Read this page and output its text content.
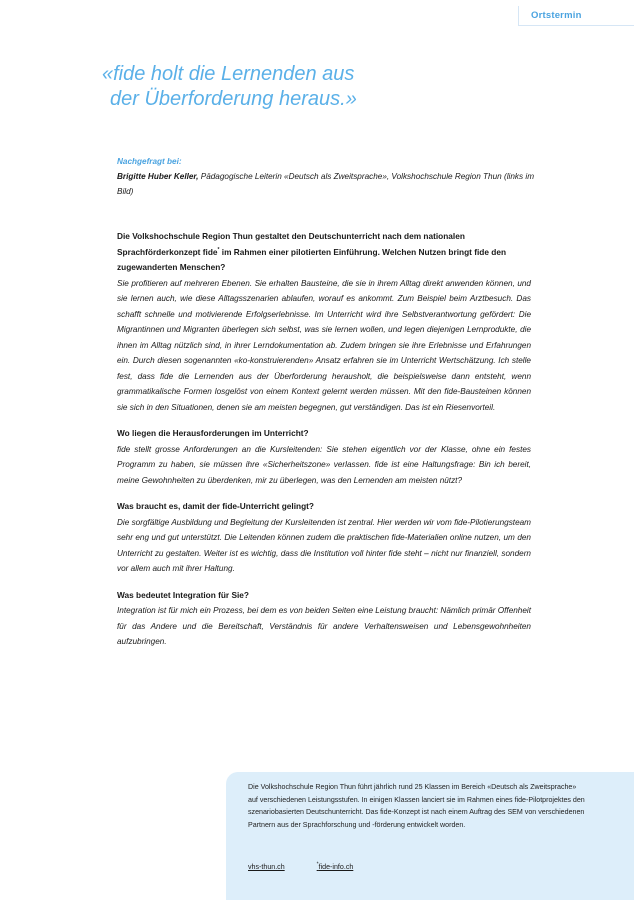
Ortstermin
«fide holt die Lernenden aus
der Überforderung heraus.»
Nachgefragt bei:
Brigitte Huber Keller, Pädagogische Leiterin «Deutsch als Zweitsprache», Volkshochschule Region Thun (links im Bild)

Die Volkshochschule Region Thun gestaltet den Deutschunterricht nach dem nationalen Sprachförderkonzept fide* im Rahmen einer pilotierten Einführung. Welchen Nutzen bringt fide den zugewanderten Menschen?

Sie profitieren auf mehreren Ebenen. Sie erhalten Bausteine, die sie in ihrem Alltag direkt anwenden können, und sie lernen auch, wie diese Alltagsszenarien ablaufen, worauf es ankommt. Zum Beispiel beim Arztbesuch. Das schafft schnelle und motivierende Erfolgserlebnisse. Im Unterricht wird ihre Selbstverantwortung gefördert: Die Migrantinnen und Migranten überlegen sich selbst, was sie lernen wollen, und legen diejenigen Lernprodukte, die ihnen im Alltag nützlich sind, in ihrer Lerndokumentation ab. Zudem bringen sie ihre Erlebnisse und Erfahrungen ein. Durch diesen sogenannten «ko-konstruierenden» Ansatz erfahren sie im Unterricht Wertschätzung. Ich stelle fest, dass fide die Lernenden aus der Überforderung herausholt, die beispielsweise dann entsteht, wenn grammatikalische Formen losgelöst von einem Kontext gelernt werden müssen. Mit den fide-Bausteinen können sie sich in den Situationen, denen sie am meisten begegnen, gut verständigen. Das ist ein Riesenvorteil.

Wo liegen die Herausforderungen im Unterricht?

fide stellt grosse Anforderungen an die Kursleitenden: Sie stehen eigentlich vor der Klasse, ohne ein festes Programm zu haben, sie müssen ihre «Sicherheitszone» verlassen. fide ist eine Haltungsfrage: Bin ich bereit, meine Gewohnheiten zu überdenken, mir zu überlegen, was den Lernenden am meisten nützt?

Was braucht es, damit der fide-Unterricht gelingt?

Die sorgfältige Ausbildung und Begleitung der Kursleitenden ist zentral. Hier werden wir vom fide-Pilotierungsteam sehr eng und gut unterstützt. Die Leitenden können zudem die praktischen fide-Materialien online nutzen, um den Unterricht zu gestalten. Weiter ist es wichtig, dass die Institution voll hinter fide steht – nicht nur finanziell, sondern vor allem auch mit ihrer Haltung.

Was bedeutet Integration für Sie?

Integration ist für mich ein Prozess, bei dem es von beiden Seiten eine Leistung braucht: Nämlich primär Offenheit für das Andere und die Bereitschaft, Verständnis für andere Verhaltensweisen und Lebensgewohnheiten aufzubringen.

Die Volkshochschule Region Thun führt jährlich rund 25 Klassen im Bereich «Deutsch als Zweitsprache» auf verschiedenen Leistungsstufen. In einigen Klassen lanciert sie im Rahmen eines fide-Pilotprojektes den szenariobasierten Deutschunterricht. Das fide-Konzept ist nach einem Auftrag des SEM von verschiedenen Partnern aus der Sprachforschung und -förderung entwickelt worden.
vhs-thun.ch	*fide-info.ch
